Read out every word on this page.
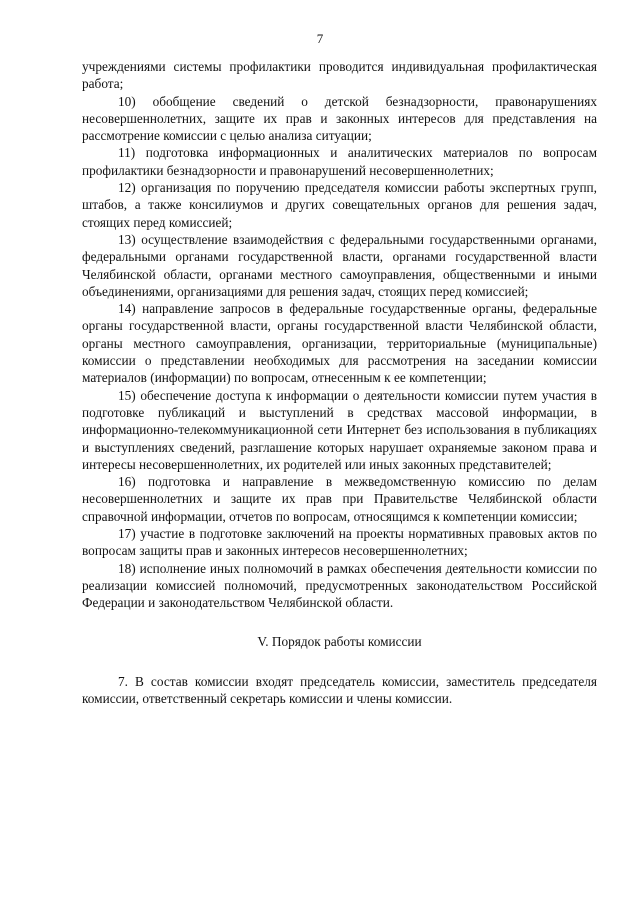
7

учреждениями системы профилактики проводится индивидуальная профилактическая работа;

10) обобщение сведений о детской безнадзорности, правонарушениях несовершеннолетних, защите их прав и законных интересов для представления на рассмотрение комиссии с целью анализа ситуации;

11) подготовка информационных и аналитических материалов по вопросам профилактики безнадзорности и правонарушений несовершеннолетних;

12) организация по поручению председателя комиссии работы экспертных групп, штабов, а также консилиумов и других совещательных органов для решения задач, стоящих перед комиссией;

13) осуществление взаимодействия с федеральными государственными органами, федеральными органами государственной власти, органами государственной власти Челябинской области, органами местного самоуправления, общественными и иными объединениями, организациями для решения задач, стоящих перед комиссией;

14) направление запросов в федеральные государственные органы, федеральные органы государственной власти, органы государственной власти Челябинской области, органы местного самоуправления, организации, территориальные (муниципальные) комиссии о представлении необходимых для рассмотрения на заседании комиссии материалов (информации) по вопросам, отнесенным к ее компетенции;

15) обеспечение доступа к информации о деятельности комиссии путем участия в подготовке публикаций и выступлений в средствах массовой информации, в информационно-телекоммуникационной сети Интернет без использования в публикациях и выступлениях сведений, разглашение которых нарушает охраняемые законом права и интересы несовершеннолетних, их родителей или иных законных представителей;

16) подготовка и направление в межведомственную комиссию по делам несовершеннолетних и защите их прав при Правительстве Челябинской области справочной информации, отчетов по вопросам, относящимся к компетенции комиссии;

17) участие в подготовке заключений на проекты нормативных правовых актов по вопросам защиты прав и законных интересов несовершеннолетних;

18) исполнение иных полномочий в рамках обеспечения деятельности комиссии по реализации комиссией полномочий, предусмотренных законодательством Российской Федерации и законодательством Челябинской области.

V. Порядок работы комиссии

7. В состав комиссии входят председатель комиссии, заместитель председателя комиссии, ответственный секретарь комиссии и члены комиссии.
